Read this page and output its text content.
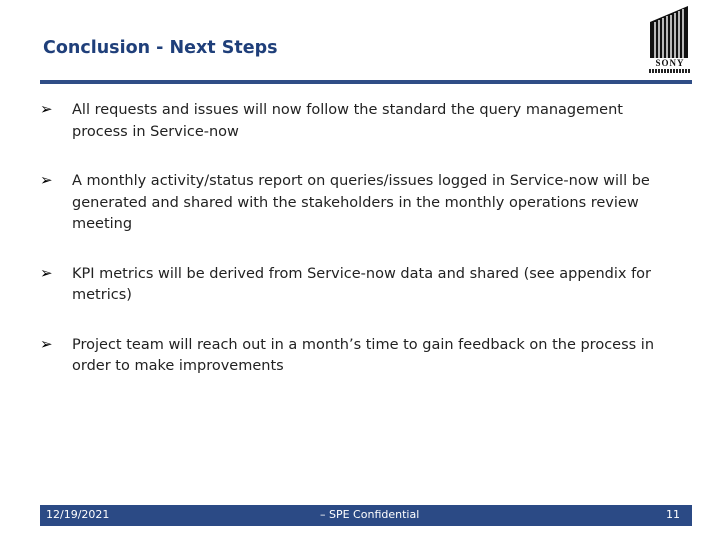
Conclusion - Next Steps
SONY
➢ All requests and issues will now follow the standard the query management process in Service-now
➢ A monthly activity/status report on queries/issues logged in Service-now will be generated and shared with the stakeholders in the monthly operations review meeting
➢ KPI metrics will be derived from Service-now data and shared (see appendix for metrics)
➢ Project team will reach out in a month’s time to gain feedback on the process in order to make improvements
12/19/2021	– SPE Confidential	11
